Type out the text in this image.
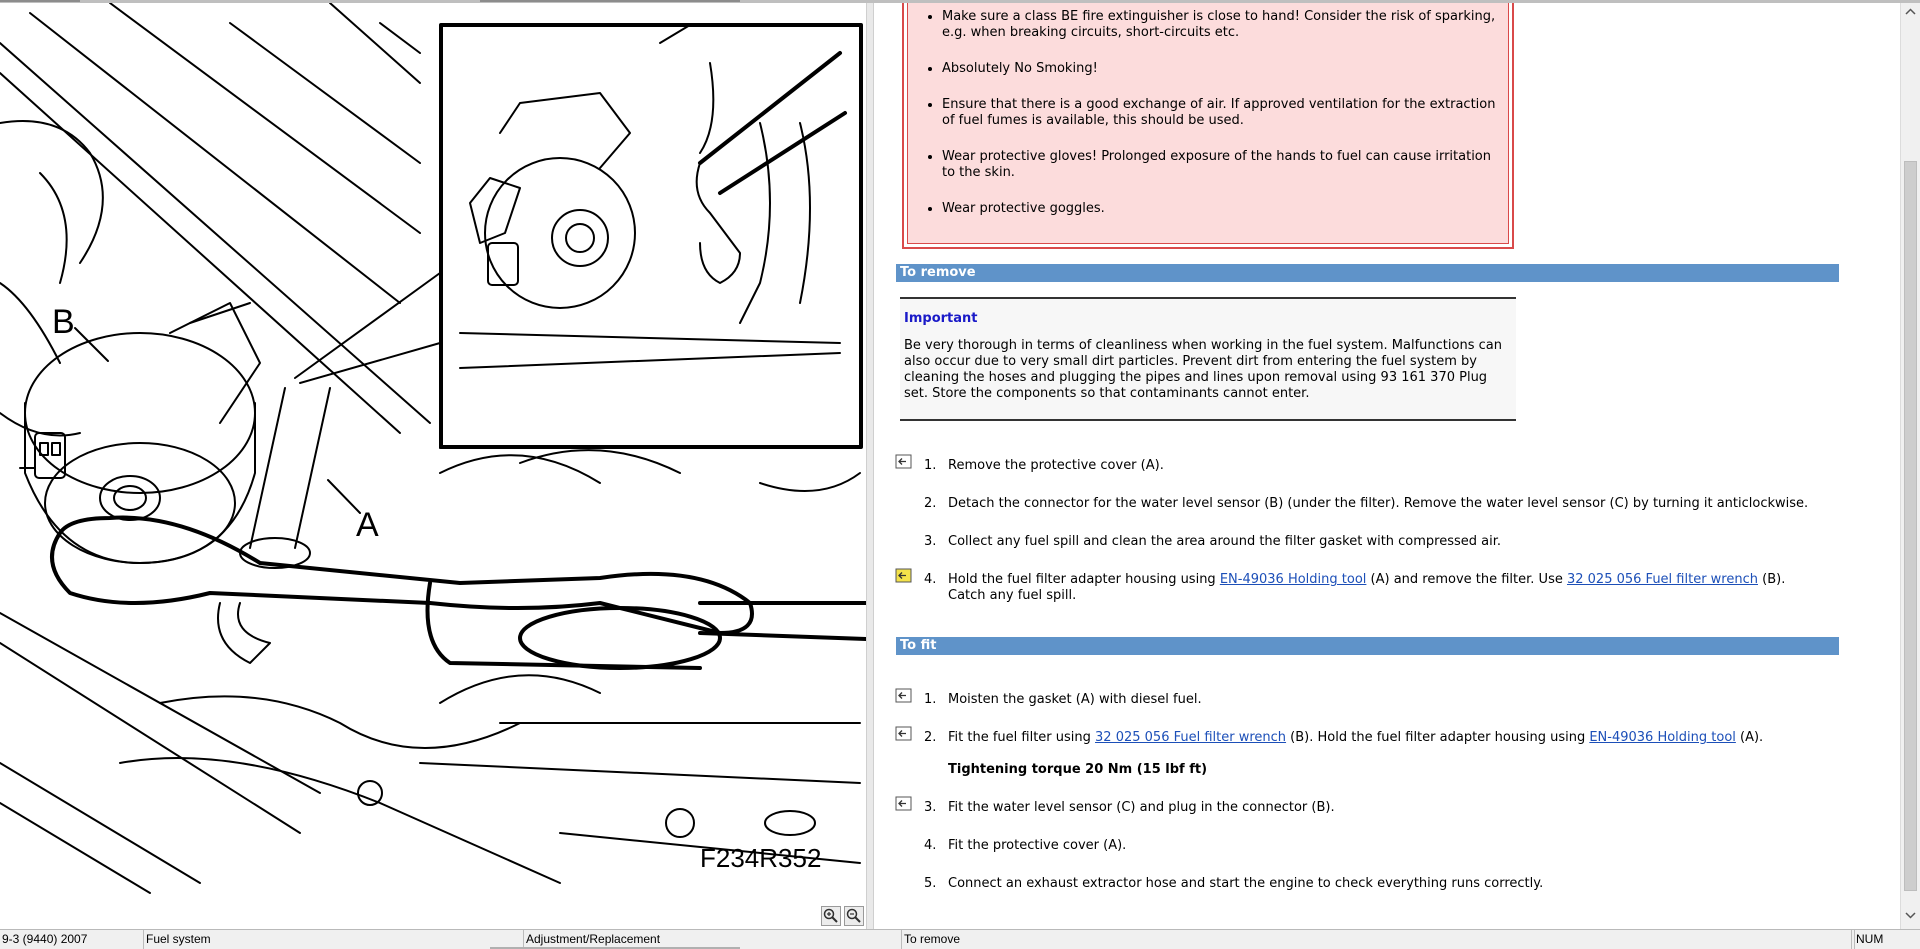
B
A
F234R352
• Make sure a class BE fire extinguisher is close to hand! Consider the risk of sparking, e.g. when breaking circuits, short-circuits etc.
• Absolutely No Smoking!
• Ensure that there is a good exchange of air. If approved ventilation for the extraction of fuel fumes is available, this should be used.
• Wear protective gloves! Prolonged exposure of the hands to fuel can cause irritation to the skin.
• Wear protective goggles.
To remove
Important
Be very thorough in terms of cleanliness when working in the fuel system. Malfunctions can also occur due to very small dirt particles. Prevent dirt from entering the fuel system by cleaning the hoses and plugging the pipes and lines upon removal using 93 161 370 Plug set. Store the components so that contaminants cannot enter.
1. Remove the protective cover (A).
2. Detach the connector for the water level sensor (B) (under the filter). Remove the water level sensor (C) by turning it anticlockwise.
3. Collect any fuel spill and clean the area around the filter gasket with compressed air.
4. Hold the fuel filter adapter housing using EN-49036 Holding tool (A) and remove the filter. Use 32 025 056 Fuel filter wrench (B).
Catch any fuel spill.
To fit
1. Moisten the gasket (A) with diesel fuel.
2. Fit the fuel filter using 32 025 056 Fuel filter wrench (B). Hold the fuel filter adapter housing using EN-49036 Holding tool (A).
Tightening torque 20 Nm (15 lbf ft)
3. Fit the water level sensor (C) and plug in the connector (B).
4. Fit the protective cover (A).
5. Connect an exhaust extractor hose and start the engine to check everything runs correctly.
9-3 (9440) 2007	Fuel system	Adjustment/Replacement	To remove	NUM
